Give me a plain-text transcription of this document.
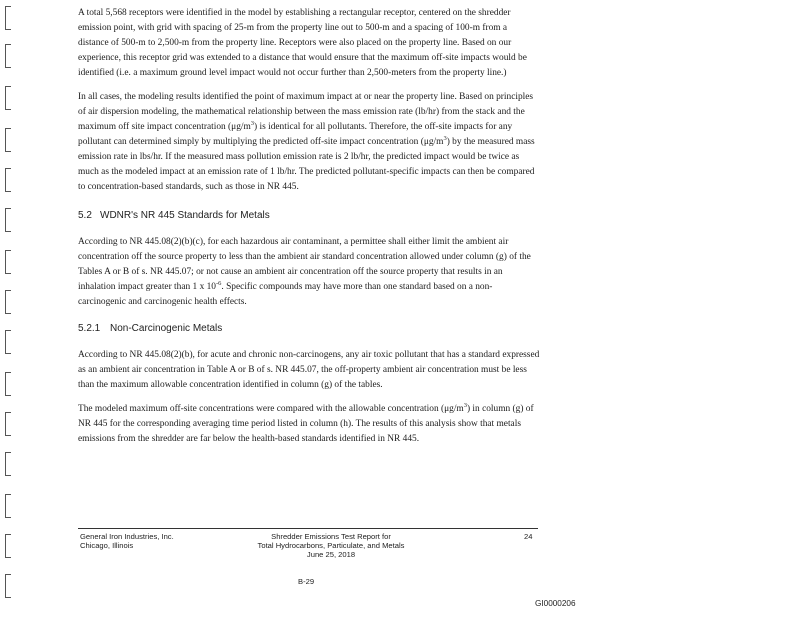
A total 5,568 receptors were identified in the model by establishing a rectangular receptor, centered on the shredder emission point, with grid with spacing of 25-m from the property line out to 500-m and a spacing of 100-m from a distance of 500-m to 2,500-m from the property line. Receptors were also placed on the property line. Based on our experience, this receptor grid was extended to a distance that would ensure that the maximum off-site impacts would be identified (i.e. a maximum ground level impact would not occur further than 2,500-meters from the property line.)

In all cases, the modeling results identified the point of maximum impact at or near the property line. Based on principles of air dispersion modeling, the mathematical relationship between the mass emission rate (lb/hr) from the stack and the maximum off site impact concentration $(\mu g/m^3)$ is identical for all pollutants. Therefore, the off-site impacts for any pollutant can determined simply by multiplying the predicted off-site impact concentration $(\mu g/m^3)$ by the measured mass emission rate in lbs/hr. If the measured mass pollution emission rate is 2 lb/hr, the predicted impact would be twice as much as the modeled impact at an emission rate of 1 lb/hr. The predicted pollutant-specific impacts can then be compared to concentration-based standards, such as those in NR 445.

5.2 WDNR's NR 445 Standards for Metals

According to NR 445.08(2)(b)(c), for each hazardous air contaminant, a permittee shall either limit the ambient air concentration off the source property to less than the ambient air standard concentration allowed under column (g) of the Tables A or B of s. NR 445.07; or not cause an ambient air concentration off the source property that results in an inhalation impact greater than 1 x $10^{-6}$. Specific compounds may have more than one standard based on a non-carcinogenic and carcinogenic health effects.

5.2.1 Non-Carcinogenic Metals

According to NR 445.08(2)(b), for acute and chronic non-carcinogens, any air toxic pollutant that has a standard expressed as an ambient air concentration in Table A or B of s. NR 445.07, the off-property ambient air concentration must be less than the maximum allowable concentration identified in column (g) of the tables.

The modeled maximum off-site concentrations were compared with the allowable concentration $(\mu g/m^3)$ in column (g) of NR 445 for the corresponding averaging time period listed in column (h). The results of this analysis show that metals emissions from the shredder are far below the health-based standards identified in NR 445.

General Iron Industries, Inc.
Chicago, Illinois
Shredder Emissions Test Report for
Total Hydrocarbons, Particulate, and Metals
June 25, 2018
24
B-29
GI0000206
